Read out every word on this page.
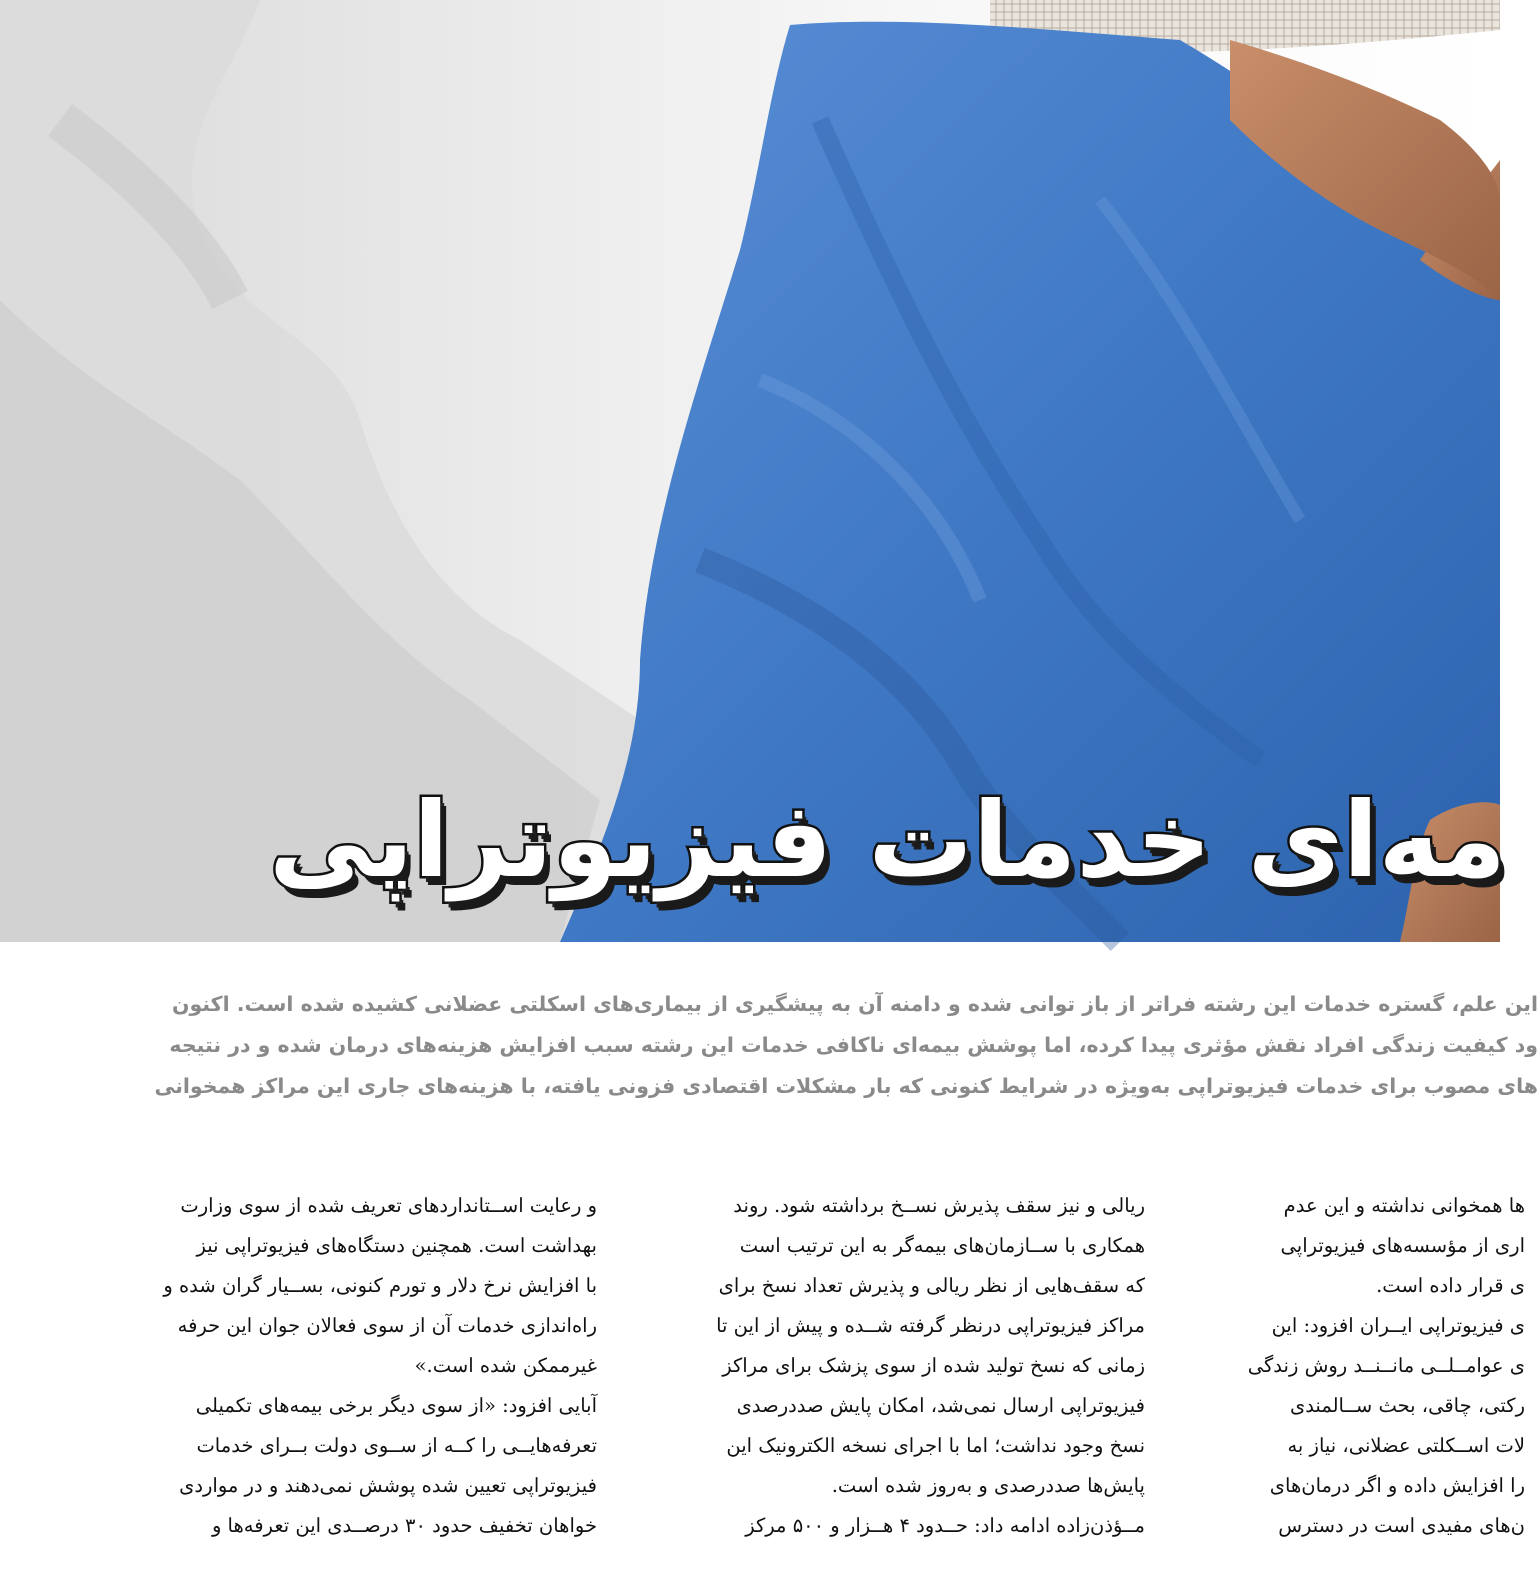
مه‌ای خدمات فیزیوتراپی
این علم، گستره خدمات این رشته فراتر از باز توانی شده و دامنه آن به پیشگیری از بیماری‌های اسکلتی عضلانی کشیده شده است. اکنون
ود کیفیت زندگی افراد نقش مؤثری پیدا کرده، اما پوشش بیمه‌ای ناکافی خدمات این رشته سبب افزایش هزینه‌های درمان شده و در نتیجه
های مصوب برای خدمات فیزیوتراپی به‌ویژه در شرایط کنونی که بار مشکلات اقتصادی فزونی یافته، با هزینه‌های جاری این مراکز همخوانی
ها همخوانی نداشته و این عدم
اری از مؤسسه‌های فیزیوتراپی
ی قرار داده است.
ی فیزیوتراپی ایــران افزود: این
ی عوامــلــی مانــنــد روش زندگی
رکتی، چاقی، بحث ســالمندی
لات اســکلتی عضلانی، نیاز به
را افزایش داده و اگر درمان‌های
ن‌های مفیدی است در دسترس
ریالی و نیز سقف پذیرش نســخ برداشته شود. روند
همکاری با ســازمان‌های بیمه‌گر به این ترتیب است
که سقف‌هایی از نظر ریالی و پذیرش تعداد نسخ برای
مراکز فیزیوتراپی درنظر گرفته شــده و پیش از این تا
زمانی که نسخ تولید شده از سوی پزشک برای مراکز
فیزیوتراپی ارسال نمی‌شد، امکان پایش صددرصدی
نسخ وجود نداشت؛ اما با اجرای نسخه الکترونیک این
پایش‌ها صددرصدی و به‌روز شده است.
مــؤذن‌زاده ادامه داد: حــدود ۴ هــزار و ۵۰۰ مرکز
و رعایت اســتانداردهای تعریف شده از سوی وزارت
بهداشت است. همچنین دستگاه‌های فیزیوتراپی نیز
با افزایش نرخ دلار و تورم کنونی، بســیار گران شده و
راه‌اندازی خدمات آن از سوی فعالان جوان این حرفه
غیرممکن شده است.»
آبایی افزود: «از سوی دیگر برخی بیمه‌های تکمیلی
تعرفه‌هایــی را کــه از ســوی دولت بــرای خدمات
فیزیوتراپی تعیین شده پوشش نمی‌دهند و در مواردی
خواهان تخفیف حدود ۳۰ درصــدی این تعرفه‌ها و
